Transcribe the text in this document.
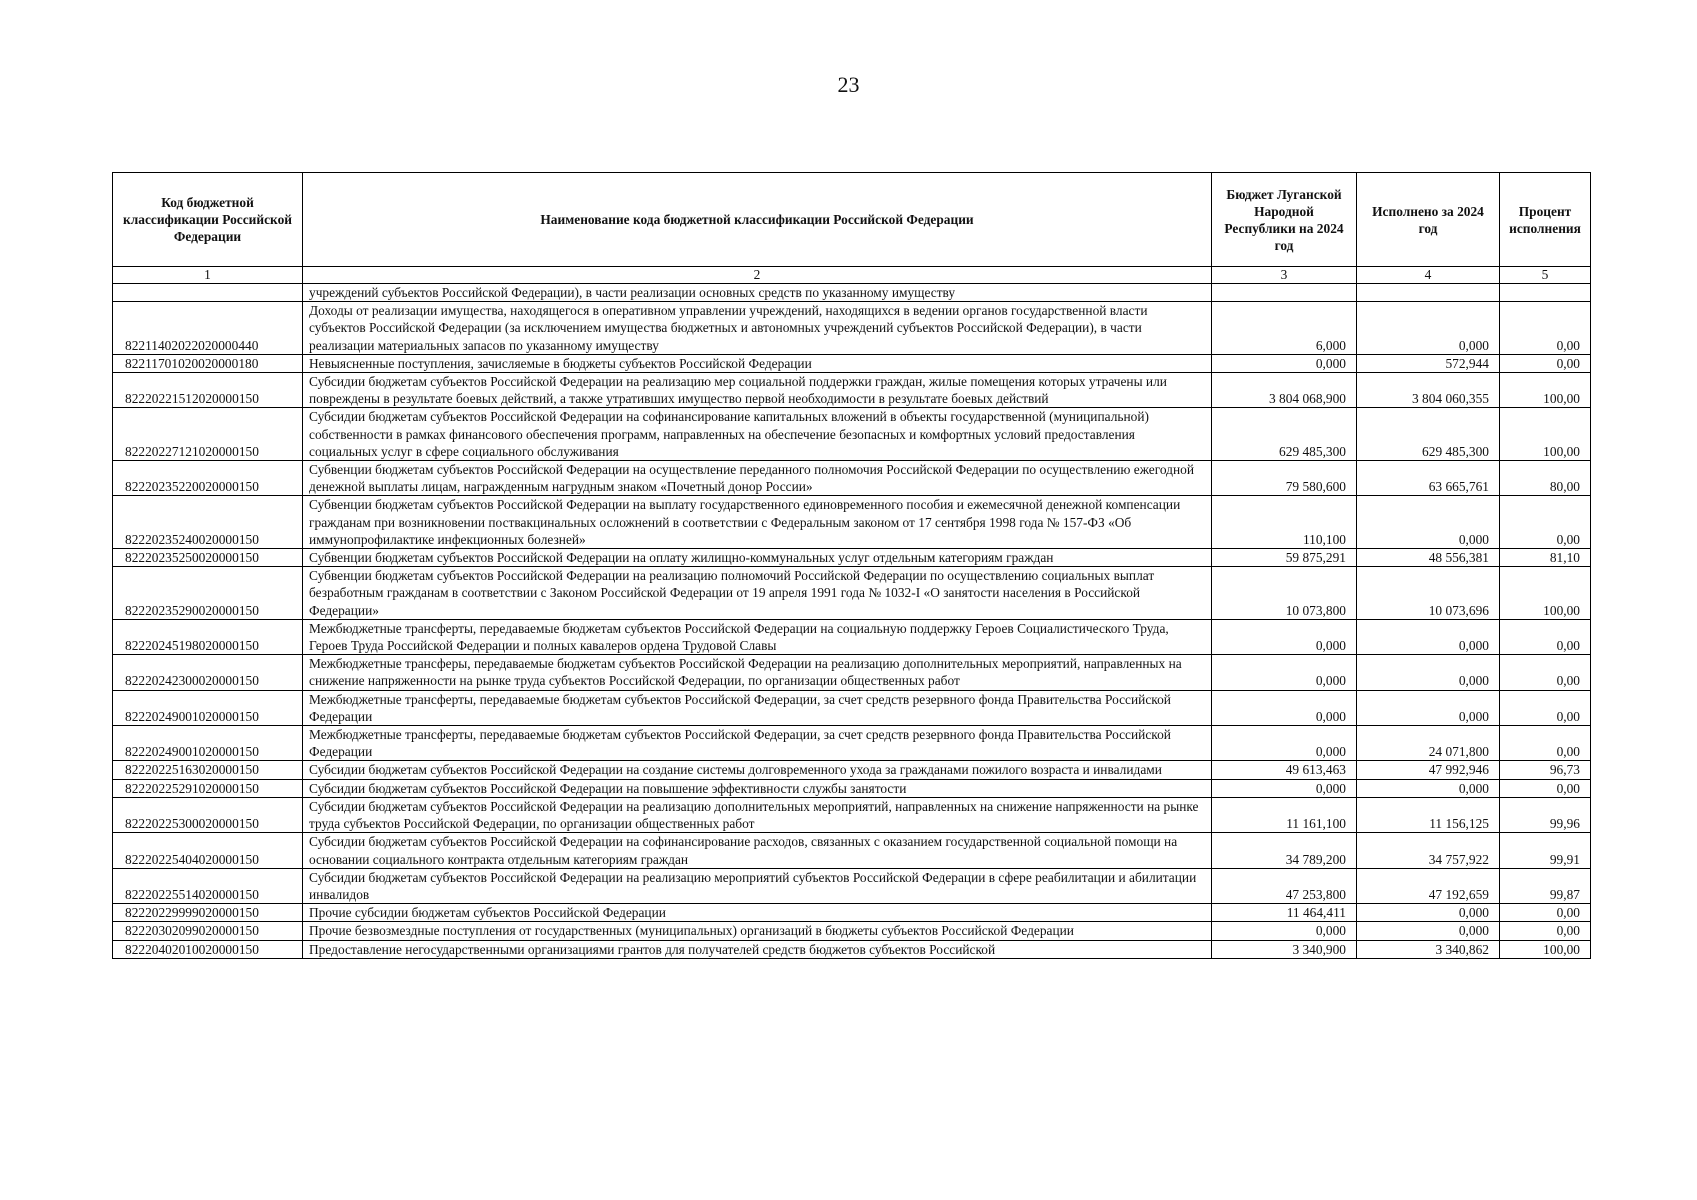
23
Код бюджетной классификации Российской Федерации	Наименование кода бюджетной классификации Российской Федерации	Бюджет Луганской Народной Республики на 2024 год	Исполнено за 2024 год	Процент исполнения
1	2	3	4	5
	учреждений субъектов Российской Федерации), в части реализации основных средств по указанному имуществу			
82211402022020000440	Доходы от реализации имущества, находящегося в оперативном управлении учреждений, находящихся в ведении органов государственной власти субъектов Российской Федерации (за исключением имущества бюджетных и автономных учреждений субъектов Российской Федерации), в части реализации материальных запасов по указанному имуществу	6,000	0,000	0,00
82211701020020000180	Невыясненные поступления, зачисляемые в бюджеты субъектов Российской Федерации	0,000	572,944	0,00
82220221512020000150	Субсидии бюджетам субъектов Российской Федерации на реализацию мер социальной поддержки граждан, жилые помещения которых утрачены или повреждены в результате боевых действий, а также утративших имущество первой необходимости в результате боевых действий	3 804 068,900	3 804 060,355	100,00
82220227121020000150	Субсидии бюджетам субъектов Российской Федерации на софинансирование капитальных вложений в объекты государственной (муниципальной) собственности в рамках финансового обеспечения программ, направленных на обеспечение безопасных и комфортных условий предоставления социальных услуг в сфере социального обслуживания	629 485,300	629 485,300	100,00
82220235220020000150	Субвенции бюджетам субъектов Российской Федерации на осуществление переданного полномочия Российской Федерации по осуществлению ежегодной денежной выплаты лицам, награжденным нагрудным знаком «Почетный донор России»	79 580,600	63 665,761	80,00
82220235240020000150	Субвенции бюджетам субъектов Российской Федерации на выплату государственного единовременного пособия и ежемесячной денежной компенсации гражданам при возникновении поствакцинальных осложнений в соответствии с Федеральным законом от 17 сентября 1998 года № 157-ФЗ «Об иммунопрофилактике инфекционных болезней»	110,100	0,000	0,00
82220235250020000150	Субвенции бюджетам субъектов Российской Федерации на оплату жилищно-коммунальных услуг отдельным категориям граждан	59 875,291	48 556,381	81,10
82220235290020000150	Субвенции бюджетам субъектов Российской Федерации на реализацию полномочий Российской Федерации по осуществлению социальных выплат безработным гражданам в соответствии с Законом Российской Федерации от 19 апреля 1991 года № 1032-I «О занятости населения в Российской Федерации»	10 073,800	10 073,696	100,00
82220245198020000150	Межбюджетные трансферты, передаваемые бюджетам субъектов Российской Федерации на социальную поддержку Героев Социалистического Труда, Героев Труда Российской Федерации и полных кавалеров ордена Трудовой Славы	0,000	0,000	0,00
82220242300020000150	Межбюджетные трансферы, передаваемые бюджетам субъектов Российской Федерации на реализацию дополнительных мероприятий, направленных на снижение напряженности на рынке труда субъектов Российской Федерации, по организации общественных работ	0,000	0,000	0,00
82220249001020000150	Межбюджетные трансферты, передаваемые бюджетам субъектов Российской Федерации, за счет средств резервного фонда Правительства Российской Федерации	0,000	0,000	0,00
82220249001020000150	Межбюджетные трансферты, передаваемые бюджетам субъектов Российской Федерации, за счет средств резервного фонда Правительства Российской Федерации	0,000	24 071,800	0,00
82220225163020000150	Субсидии бюджетам субъектов Российской Федерации на создание системы долговременного ухода за гражданами пожилого возраста и инвалидами	49 613,463	47 992,946	96,73
82220225291020000150	Субсидии бюджетам субъектов Российской Федерации на повышение эффективности службы занятости	0,000	0,000	0,00
82220225300020000150	Субсидии бюджетам субъектов Российской Федерации на реализацию дополнительных мероприятий, направленных на снижение напряженности на рынке труда субъектов Российской Федерации, по организации общественных работ	11 161,100	11 156,125	99,96
82220225404020000150	Субсидии бюджетам субъектов Российской Федерации на софинансирование расходов, связанных с оказанием государственной социальной помощи на основании социального контракта отдельным категориям граждан	34 789,200	34 757,922	99,91
82220225514020000150	Субсидии бюджетам субъектов Российской Федерации на реализацию мероприятий субъектов Российской Федерации в сфере реабилитации и абилитации инвалидов	47 253,800	47 192,659	99,87
82220229999020000150	Прочие субсидии бюджетам субъектов Российской Федерации	11 464,411	0,000	0,00
82220302099020000150	Прочие безвозмездные поступления от государственных (муниципальных) организаций в бюджеты субъектов Российской Федерации	0,000	0,000	0,00
82220402010020000150	Предоставление негосударственными организациями грантов для получателей средств бюджетов субъектов Российской	3 340,900	3 340,862	100,00
